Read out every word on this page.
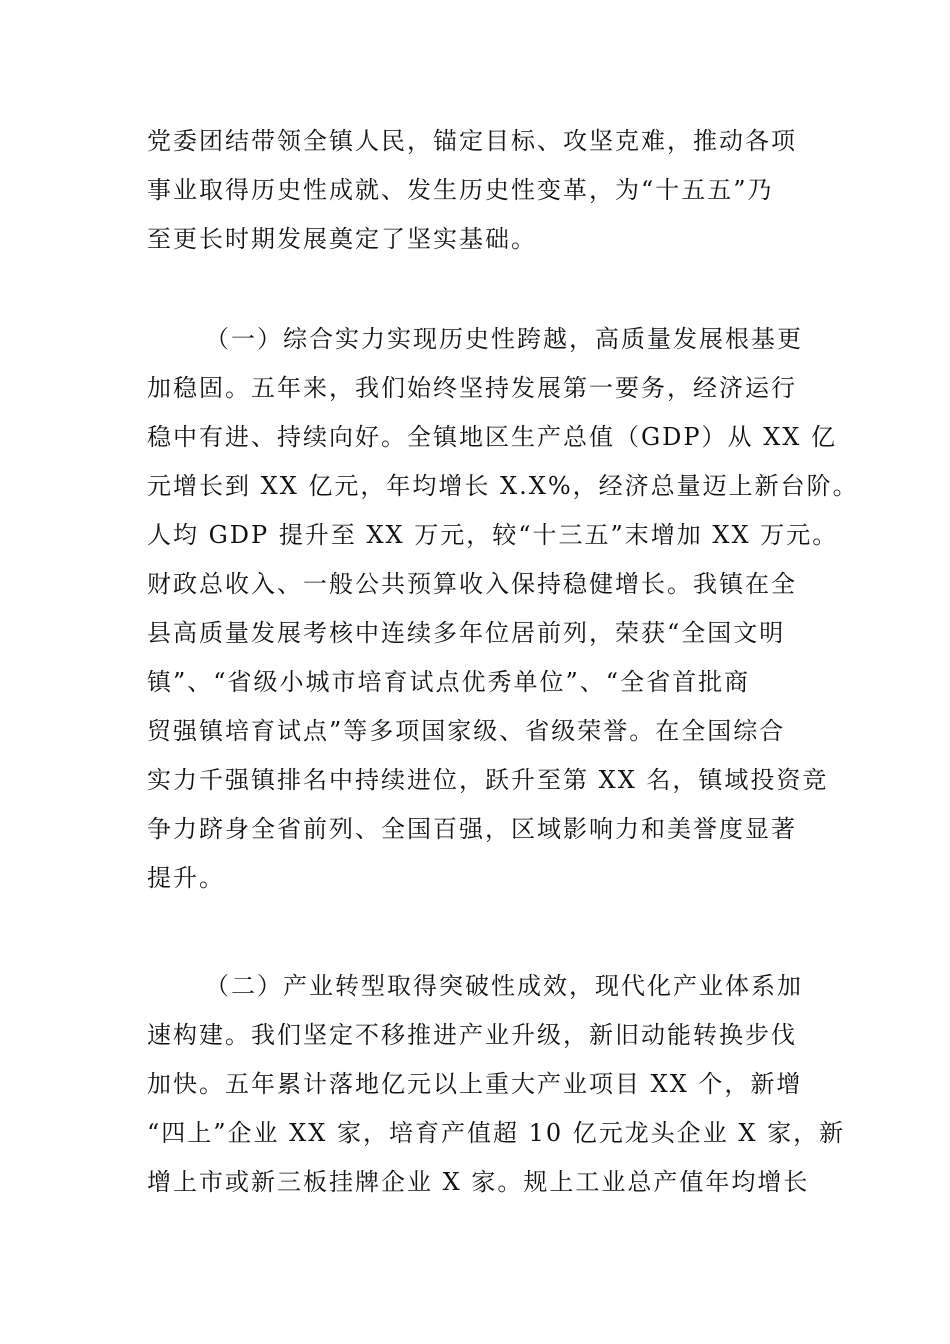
党委团结带领全镇人民，锚定目标、攻坚克难，推动各项
事业取得历史性成就、发生历史性变革，为“十五五”乃
至更长时期发展奠定了坚实基础。
（一）综合实力实现历史性跨越，高质量发展根基更
加稳固。五年来，我们始终坚持发展第一要务，经济运行
稳中有进、持续向好。全镇地区生产总值（GDP）从 XX 亿
元增长到 XX 亿元，年均增长 X.X%，经济总量迈上新台阶。
人均 GDP 提升至 XX 万元，较“十三五”末增加 XX 万元。
财政总收入、一般公共预算收入保持稳健增长。我镇在全
县高质量发展考核中连续多年位居前列，荣获“全国文明
镇”、“省级小城市培育试点优秀单位”、“全省首批商
贸强镇培育试点”等多项国家级、省级荣誉。在全国综合
实力千强镇排名中持续进位，跃升至第 XX 名，镇域投资竞
争力跻身全省前列、全国百强，区域影响力和美誉度显著
提升。
（二）产业转型取得突破性成效，现代化产业体系加
速构建。我们坚定不移推进产业升级，新旧动能转换步伐
加快。五年累计落地亿元以上重大产业项目 XX 个，新增
“四上”企业 XX 家，培育产值超 10 亿元龙头企业 X 家，新
增上市或新三板挂牌企业 X 家。规上工业总产值年均增长
